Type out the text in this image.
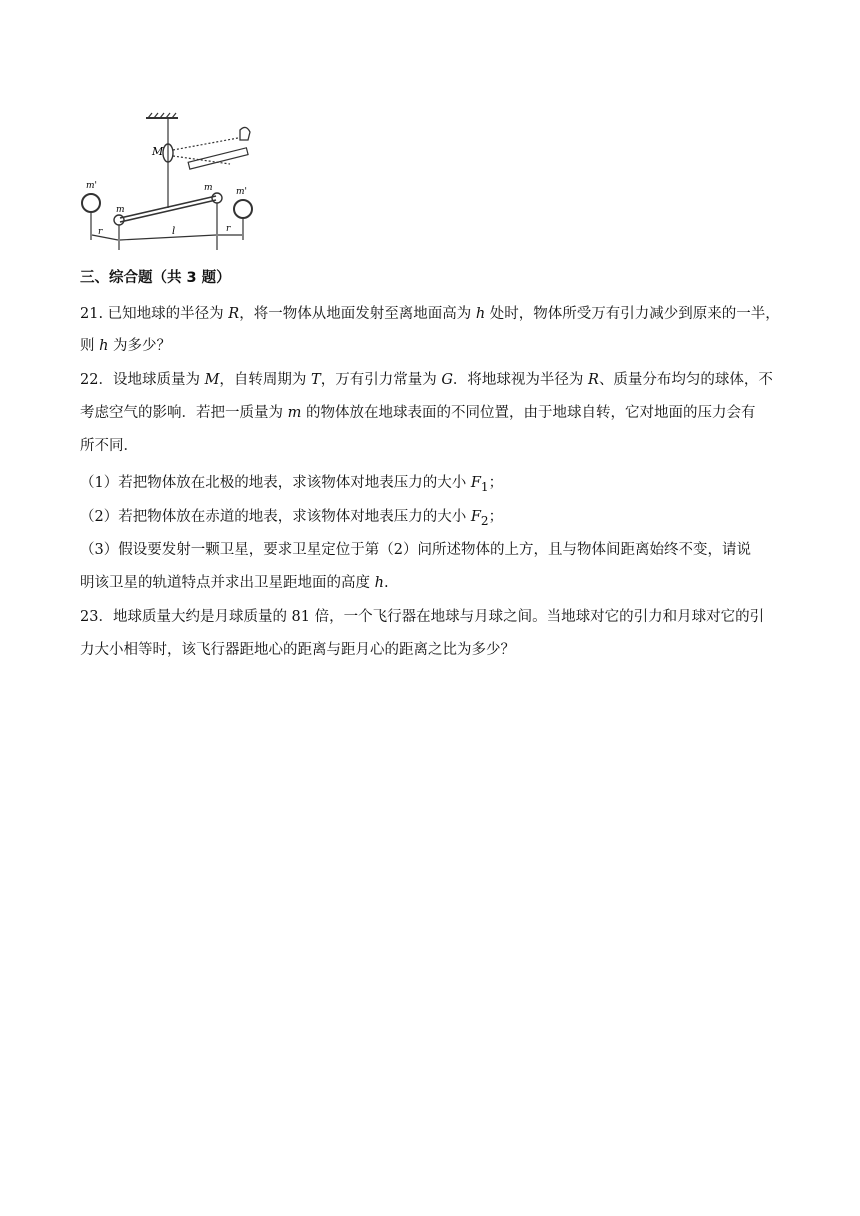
M
m
m
m'
m'
r	l	r
三、综合题（共 3 题）
21. 已知地球的半径为 R，将一物体从地面发射至离地面高为 h 处时，物体所受万有引力减少到原来的一半，
则 h 为多少？
22．设地球质量为 M，自转周期为 T，万有引力常量为 G．将地球视为半径为 R、质量分布均匀的球体，不
考虑空气的影响．若把一质量为 m 的物体放在地球表面的不同位置，由于地球自转，它对地面的压力会有
所不同．
（1）若把物体放在北极的地表，求该物体对地表压力的大小 $F_1$；
（2）若把物体放在赤道的地表，求该物体对地表压力的大小 $F_2$；
（3）假设要发射一颗卫星，要求卫星定位于第（2）问所述物体的上方，且与物体间距离始终不变，请说
明该卫星的轨道特点并求出卫星距地面的高度 h.
23．地球质量大约是月球质量的 81 倍，一个飞行器在地球与月球之间。当地球对它的引力和月球对它的引
力大小相等时，该飞行器距地心的距离与距月心的距离之比为多少？
